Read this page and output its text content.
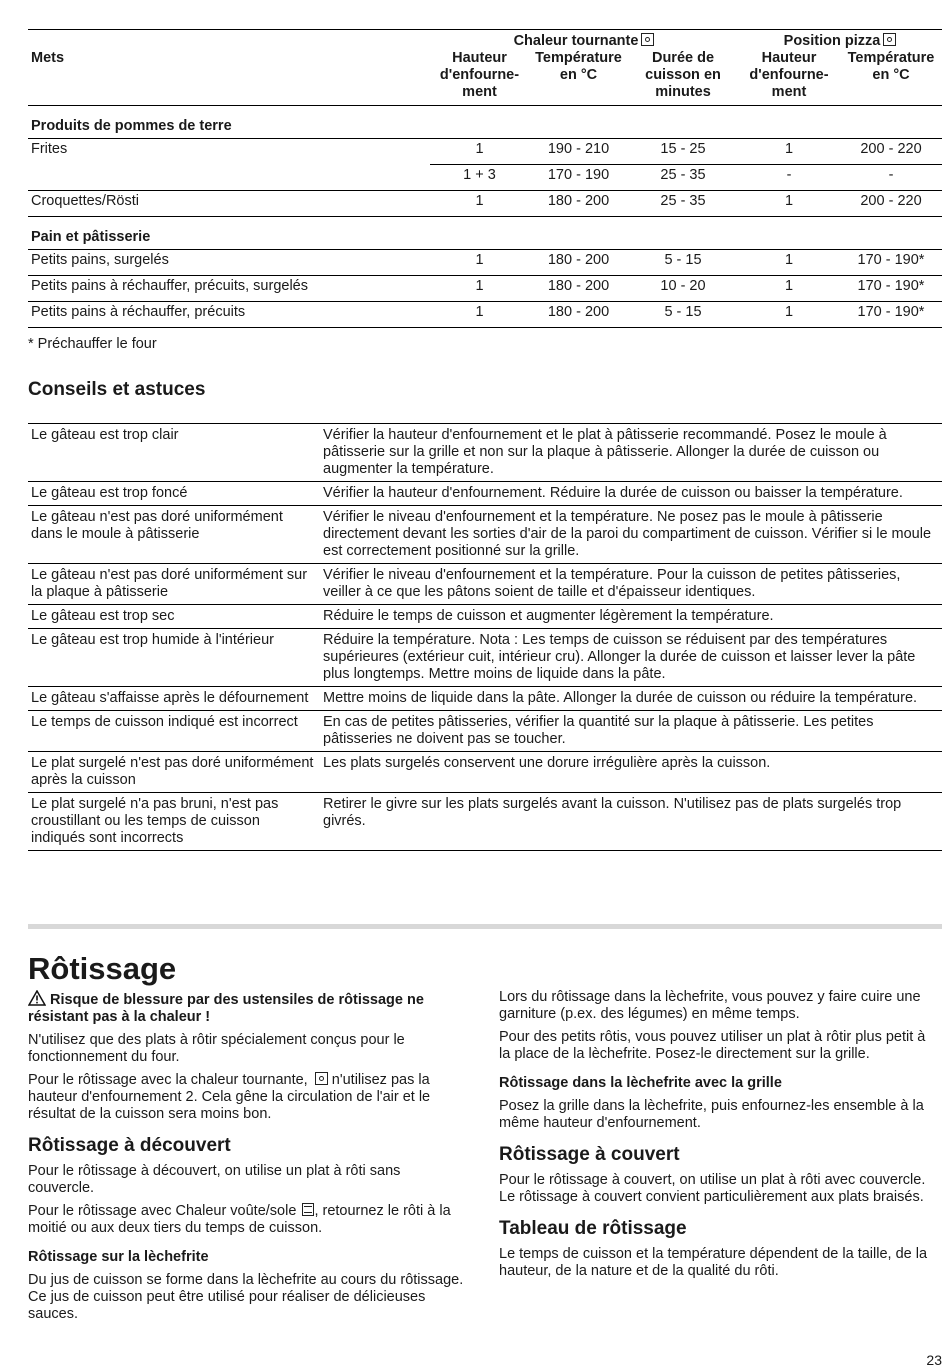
	Chaleur tournante			Position pizza	
Mets	Hauteur d'enfourne- ment	Température en °C	Durée de cuisson en minutes	Hauteur d'enfourne- ment	Température en °C
Produits de pommes de terre					
Frites	1	190 - 210	15 - 25	1	200 - 220
	1 + 3	170 - 190	25 - 35	-	-
Croquettes/Rösti	1	180 - 200	25 - 35	1	200 - 220
Pain et pâtisserie					
Petits pains, surgelés	1	180 - 200	5 - 15	1	170 - 190*
Petits pains à réchauffer, précuits, surgelés	1	180 - 200	10 - 20	1	170 - 190*
Petits pains à réchauffer, précuits	1	180 - 200	5 - 15	1	170 - 190*
* Préchauffer le four
Conseils et astuces
Le gâteau est trop clair	Vérifier la hauteur d'enfournement et le plat à pâtisserie recommandé. Posez le moule à pâtisserie sur la grille et non sur la plaque à pâtisserie. Allonger la durée de cuisson ou augmenter la température.
Le gâteau est trop foncé	Vérifier la hauteur d'enfournement. Réduire la durée de cuisson ou baisser la température.
Le gâteau n'est pas doré uniformément dans le moule à pâtisserie	Vérifier le niveau d'enfournement et la température. Ne posez pas le moule à pâtisserie directement devant les sorties d'air de la paroi du compartiment de cuisson. Vérifier si le moule est correctement positionné sur la grille.
Le gâteau n'est pas doré uniformément sur la plaque à pâtisserie	Vérifier le niveau d'enfournement et la température. Pour la cuisson de petites pâtisseries, veiller à ce que les pâtons soient de taille et d'épaisseur identiques.
Le gâteau est trop sec	Réduire le temps de cuisson et augmenter légèrement la température.
Le gâteau est trop humide à l'intérieur	Réduire la température. Nota : Les temps de cuisson se réduisent par des températures supérieures (extérieur cuit, intérieur cru). Allonger la durée de cuisson et laisser lever la pâte plus longtemps. Mettre moins de liquide dans la pâte.
Le gâteau s'affaisse après le défournement	Mettre moins de liquide dans la pâte. Allonger la durée de cuisson ou réduire la température.
Le temps de cuisson indiqué est incorrect	En cas de petites pâtisseries, vérifier la quantité sur la plaque à pâtisserie. Les petites pâtisseries ne doivent pas se toucher.
Le plat surgelé n'est pas doré uniformément après la cuisson	Les plats surgelés conservent une dorure irrégulière après la cuisson.
Le plat surgelé n'a pas bruni, n'est pas croustillant ou les temps de cuisson indiqués sont incorrects	Retirer le givre sur les plats surgelés avant la cuisson. N'utilisez pas de plats surgelés trop givrés.
Rôtissage

Risque de blessure par des ustensiles de rôtissage ne résistant pas à la chaleur !

N'utilisez que des plats à rôtir spécialement conçus pour le fonctionnement du four.

Pour le rôtissage avec la chaleur tournante, n'utilisez pas la hauteur d'enfournement 2. Cela gêne la circulation de l'air et le résultat de la cuisson sera moins bon.

Rôtissage à découvert

Pour le rôtissage à découvert, on utilise un plat à rôti sans couvercle.

Pour le rôtissage avec Chaleur voûte/sole , retournez le rôti à la moitié ou aux deux tiers du temps de cuisson.

Rôtissage sur la lèchefrite

Du jus de cuisson se forme dans la lèchefrite au cours du rôtissage. Ce jus de cuisson peut être utilisé pour réaliser de délicieuses sauces.

Lors du rôtissage dans la lèchefrite, vous pouvez y faire cuire une garniture (p.ex. des légumes) en même temps.

Pour des petits rôtis, vous pouvez utiliser un plat à rôtir plus petit à la place de la lèchefrite. Posez-le directement sur la grille.

Rôtissage dans la lèchefrite avec la grille

Posez la grille dans la lèchefrite, puis enfournez-les ensemble à la même hauteur d'enfournement.

Rôtissage à couvert

Pour le rôtissage à couvert, on utilise un plat à rôti avec couvercle. Le rôtissage à couvert convient particulièrement aux plats braisés.

Tableau de rôtissage

Le temps de cuisson et la température dépendent de la taille, de la hauteur, de la nature et de la qualité du rôti.

23
